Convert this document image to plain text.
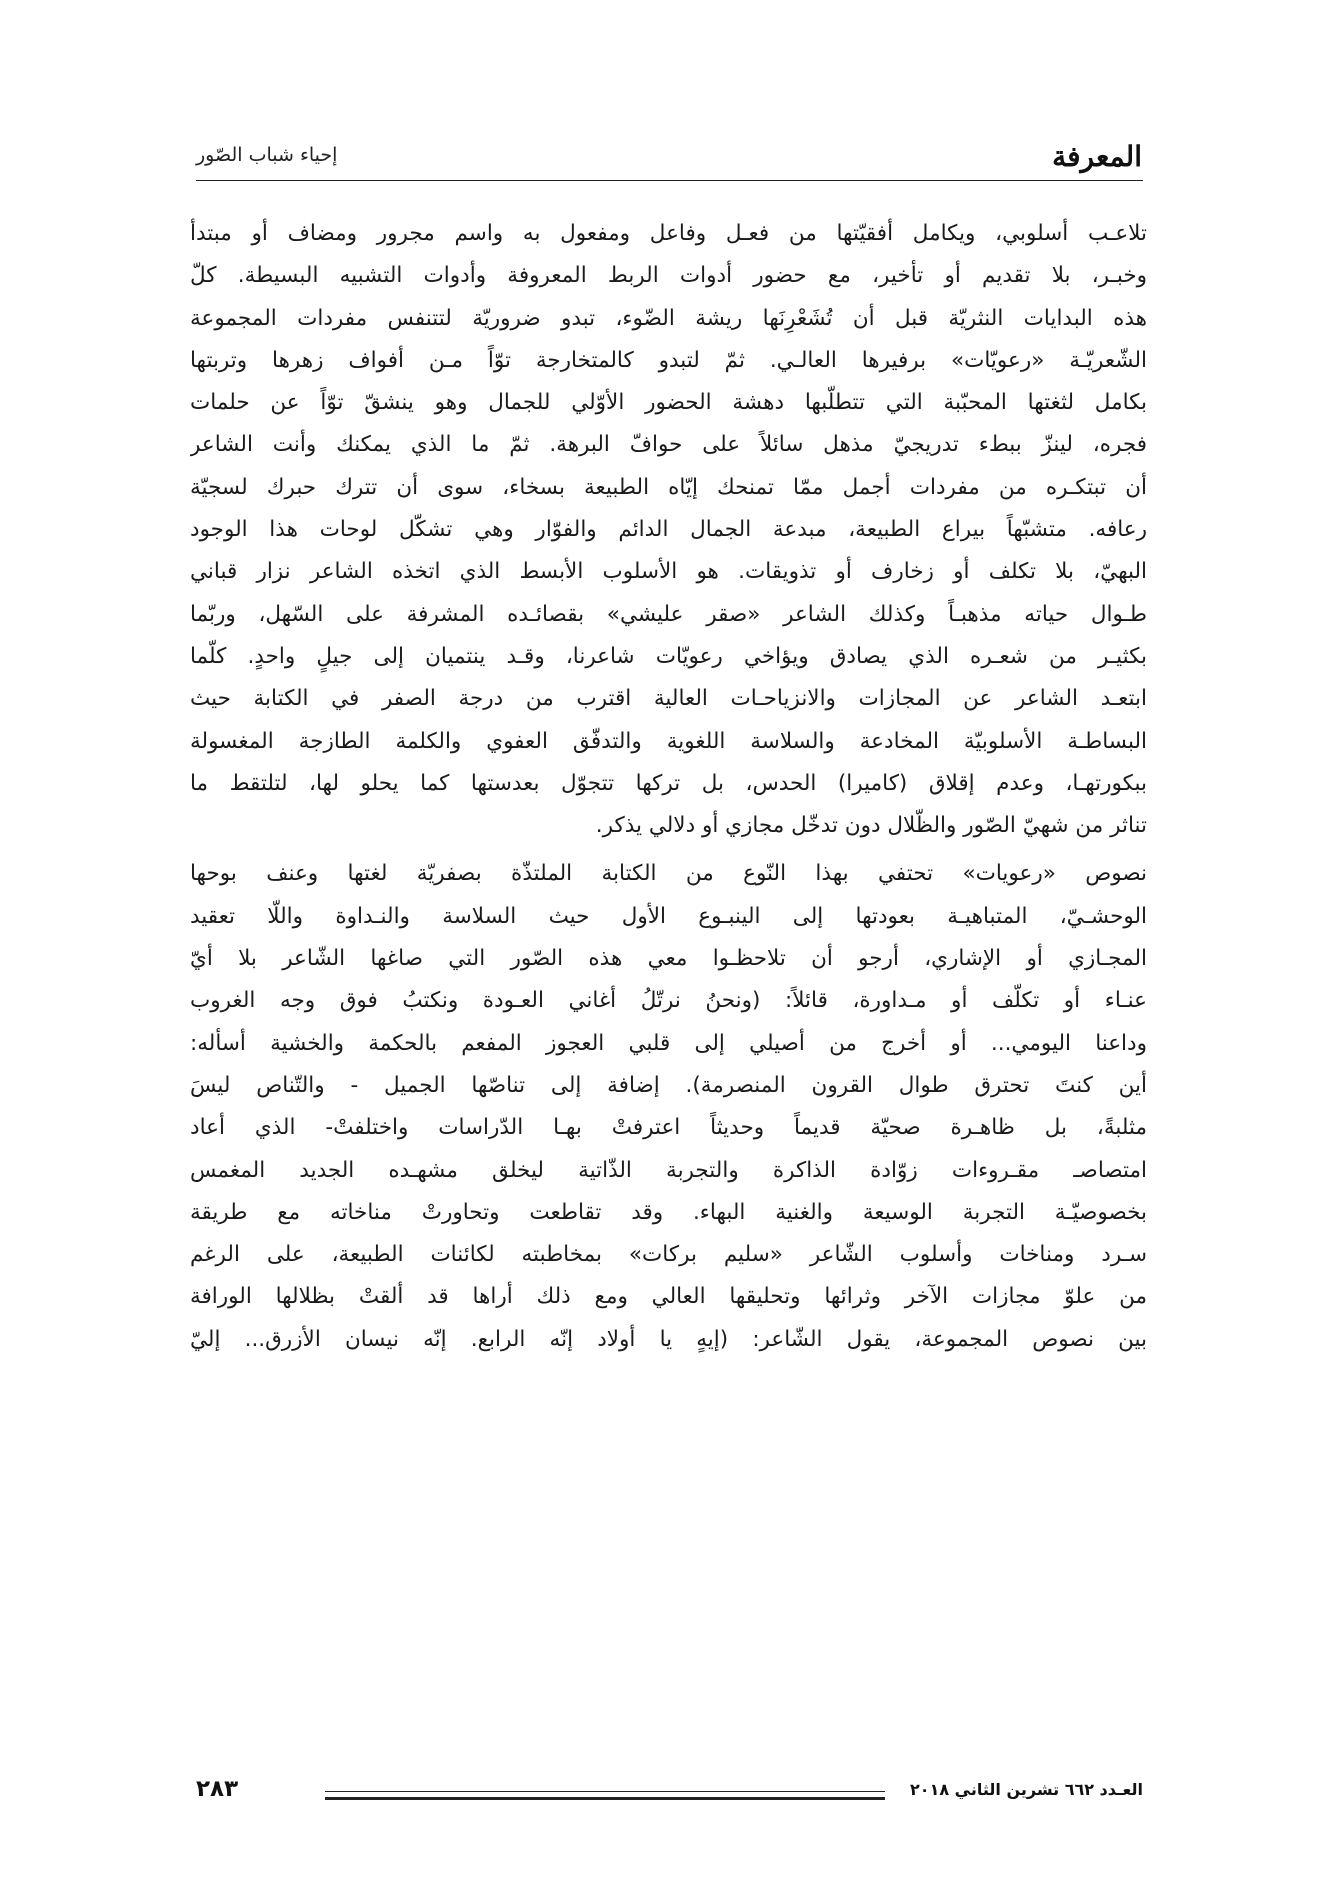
المعرفة
إحياء شباب الصّور
تلاعـب أسلوبي، ويكامل أفقيّتها من فعـل وفاعل ومفعول به واسم مجرور ومضاف أو مبتدأ
وخبـر، بلا تقديم أو تأخير، مع حضور أدوات الربط المعروفة وأدوات التشبيه البسيطة. كلّ
هذه البدايات النثريّة قبل أن تُشَعْرِنَها ريشة الضّوء، تبدو ضروريّة لتتنفس مفردات المجموعة
الشّعريّـة «رعويّات» برفيرها العالـي. ثمّ لتبدو كالمتخارجة توّاً مـن أفواف زهرها وتربتها
بكامل لثغتها المحبّبة التي تتطلّبها دهشة الحضور الأوّلي للجمال وهو ينشقّ توّاً عن حلمات
فجره، لينزّ ببطء تدريجيّ مذهل سائلاً على حوافّ البرهة. ثمّ ما الذي يمكنك وأنت الشاعر
أن تبتكـره من مفردات أجمل ممّا تمنحك إيّاه الطبيعة بسخاء، سوى أن تترك حبرك لسجيّة
رعافه. متشبّهاً بيراع الطبيعة، مبدعة الجمال الدائم والفوّار وهي تشكّل لوحات هذا الوجود
البهيّ، بلا تكلف أو زخارف أو تذويقات. هو الأسلوب الأبسط الذي اتخذه الشاعر نزار قباني
طـوال حياته مذهبـاً وكذلك الشاعر «صقر عليشي» بقصائـده المشرفة على السّهل، وربّما
بكثيـر من شعـره الذي يصادق ويؤاخي رعويّات شاعرنا، وقـد ينتميان إلى جيلٍ واحدٍ. كلّما
ابتعـد الشاعر عن المجازات والانزياحـات العالية اقترب من درجة الصفر في الكتابة حيث
البساطـة الأسلوبيّة المخادعة والسلاسة اللغوية والتدفّق العفوي والكلمة الطازجة المغسولة
ببكورتهـا، وعدم إقلاق (كاميرا) الحدس، بل تركها تتجوّل بعدستها كما يحلو لها، لتلتقط ما
تناثر من شهيّ الصّور والظّلال دون تدخّل مجازي أو دلالي يذكر.
نصوص «رعويات» تحتفي بهذا النّوع من الكتابة الملتذّة بصفريّة لغتها وعنف بوحها
الوحشـيّ، المتباهيـة بعودتها إلى الينبـوع الأول حيث السلاسة والنـداوة واللّا تعقيد
المجـازي أو الإشاري، أرجو أن تلاحظـوا معي هذه الصّور التي صاغها الشّاعر بلا أيّ
عنـاء أو تكلّف أو مـداورة، قائلاً: (ونحنُ نرتّلُ أغاني العـودة ونكتبُ فوق وجه الغروب
وداعنا اليومي... أو أخرج من أصيلي إلى قلبي العجوز المفعم بالحكمة والخشية أسأله:
أين كنتَ تحترق طوال القرون المنصرمة). إضافة إلى تناصّها الجميل - والتّناص ليسَ
مثلبةً، بل ظاهـرة صحيّة قديماً وحديثاً اعترفتْ بهـا الدّراسات واختلفتْ- الذي أعاد
امتصاصـ مقـروءات زوّادة الذاكرة والتجربة الذّاتية ليخلق مشهـده الجديد المغمس
بخصوصيّـة التجربة الوسيعة والغنية البهاء. وقد تقاطعت وتحاورتْ مناخاته مع طريقة
سـرد ومناخات وأسلوب الشّاعر «سليم بركات» بمخاطبته لكائنات الطبيعة، على الرغم
من علوّ مجازات الآخر وثرائها وتحليقها العالي ومع ذلك أراها قد ألقتْ بظلالها الورافة
بين نصوص المجموعة، يقول الشّاعر: (إيهٍ يا أولاد إنّه الرابع. إنّه نيسان الأزرق... إليّ
العـدد ٦٦٢ تشرين الثاني ٢٠١٨
٢٨٣
